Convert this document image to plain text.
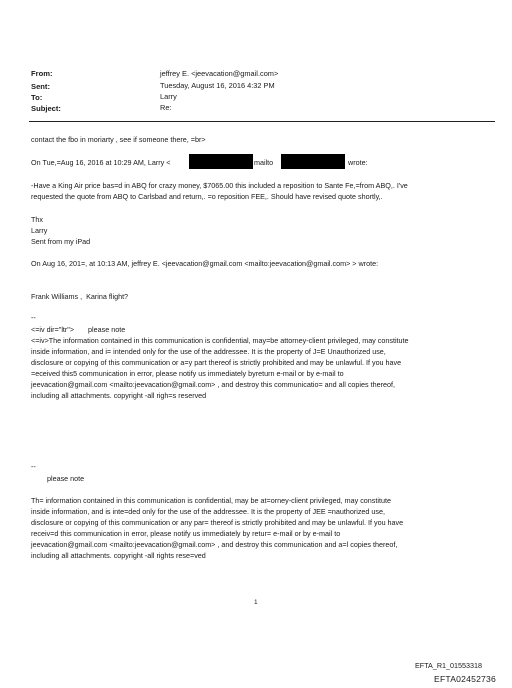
From:
Sent:
To:
Subject:
jeffrey E. <jeevacation@gmail.com>
Tuesday, August 16, 2016 4:32 PM
Larry
Re:
contact the fbo in moriarty , see if someone there, =br>
On Tue,=Aug 16, 2016 at 10:29 AM, Larry <	mailto	wrote:
-Have a King Air price bas=d in ABQ for crazy money, $7065.00 this included a reposition to Sante Fe,=from ABQ,. I've
requested the quote from ABQ to Carlsbad and return,. =o reposition FEE,. Should have revised quote shortly,.
Thx
Larry
Sent from my iPad
On Aug 16, 201=, at 10:13 AM, jeffrey E. <jeevacation@gmail.com <mailto:jeevacation@gmail.com> > wrote:
Frank Williams ,  Karina flight?
--
<=iv dir="ltr">       please note
<=iv>The information contained in this communication is confidential, may=be attorney-client privileged, may constitute
inside information, and i= intended only for the use of the addressee. It is the property of J=E Unauthorized use,
disclosure or copying of this communication or a=y part thereof is strictly prohibited and may be unlawful. If you have
=eceived this5 communication in error, please notify us immediately byreturn e-mail or by e-mail to
jeevacation@gmail.com <mailto:jeevacation@gmail.com> , and destroy this communicatio= and all copies thereof,
including all attachments. copyright -all righ=s reserved
--
please note
Th= information contained in this communication is confidential, may be at=orney-client privileged, may constitute
inside information, and is inte=ded only for the use of the addressee. It is the property of JEE =nauthorized use,
disclosure or copying of this communication or any par= thereof is strictly prohibited and may be unlawful. If you have
receiv=d this communication in error, please notify us immediately by retur= e-mail or by e-mail to
jeevacation@gmail.com <mailto:jeevacation@gmail.com> , and destroy this communication and a=l copies thereof,
including all attachments. copyright -all rights rese=ved
1
EFTA_R1_01553318
EFTA02452736
